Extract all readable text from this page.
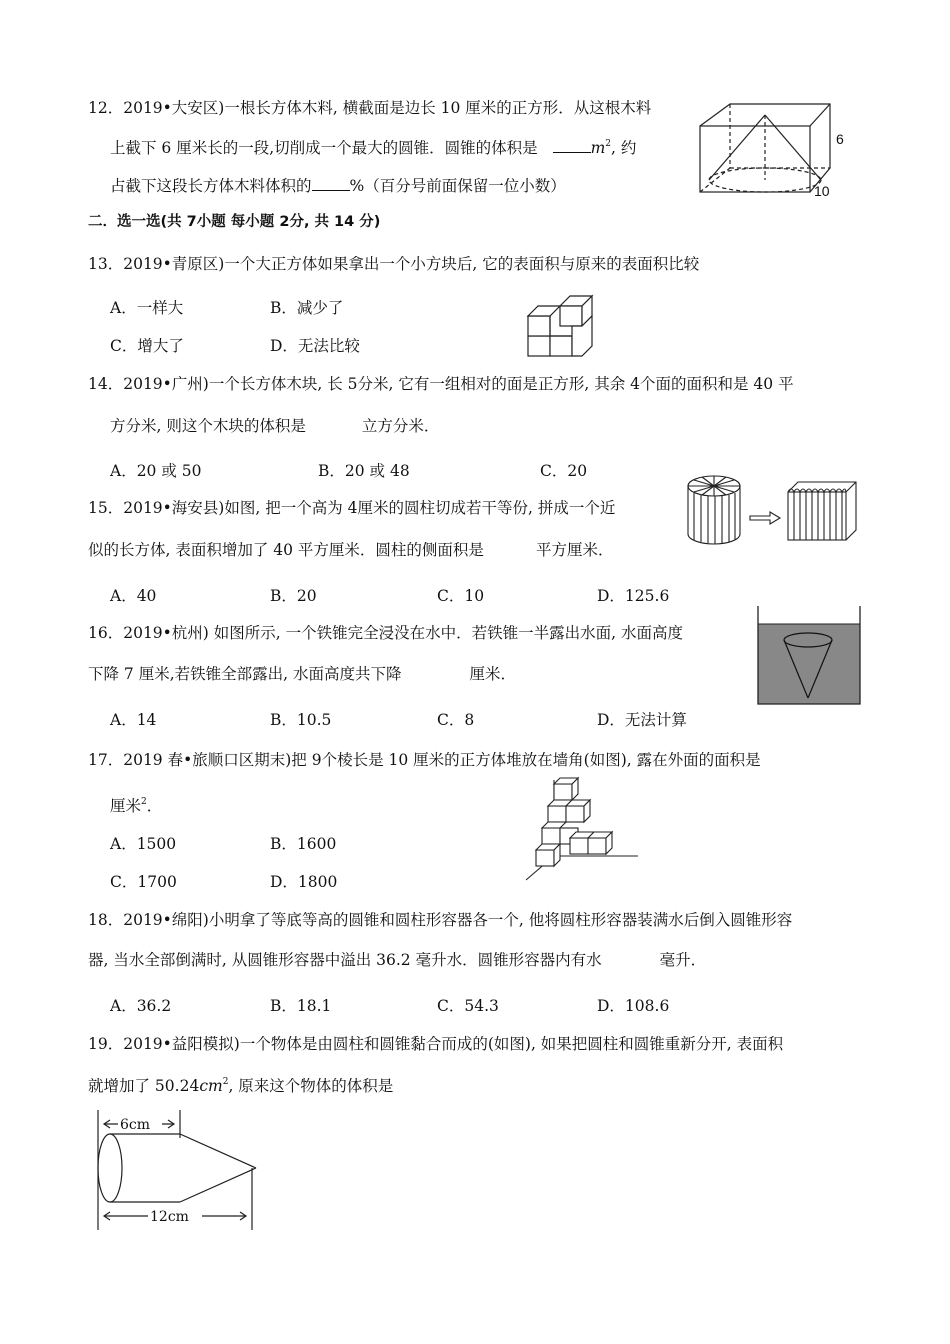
12．2019•大安区)一根长方体木料, 横截面是边长 10 厘米的正方形．从这根木料
上截下 6 厘米长的一段,切削成一个最大的圆锥．圆锥的体积是	$m^2$, 约
占截下这段长方体木料体积的 %（百分号前面保留一位小数）
6
10
二．选一选(共 7小题 每小题 2分, 共 14 分)
13．2019•青原区)一个大正方体如果拿出一个小方块后, 它的表面积与原来的表面积比较
A．一样大	B．减少了
C．增大了	D．无法比较
14．2019•广州)一个长方体木块, 长 5分米, 它有一组相对的面是正方形, 其余 4个面的面积和是 40 平
方分米, 则这个木块的体积是	立方分米．
A．20 或 50	B．20 或 48	C．20
15．2019•海安县)如图, 把一个高为 4厘米的圆柱切成若干等份, 拼成一个近
似的长方体, 表面积增加了 40 平方厘米．圆柱的侧面积是	平方厘米．
A．40	B．20	C．10	D．125.6
16．2019•杭州) 如图所示, 一个铁锥完全浸没在水中．若铁锥一半露出水面, 水面高度
下降 7 厘米,若铁锥全部露出, 水面高度共下降	厘米．
A．14	B．10.5	C．8	D．无法计算
17．2019 春•旅顺口区期末)把 9个棱长是 10 厘米的正方体堆放在墙角(如图), 露在外面的面积是
厘米$^2$．
A．1500	B．1600
C．1700	D．1800
18．2019•绵阳)小明拿了等底等高的圆锥和圆柱形容器各一个, 他将圆柱形容器装满水后倒入圆锥形容
器, 当水全部倒满时, 从圆锥形容器中溢出 36.2 毫升水．圆锥形容器内有水	毫升．
A．36.2	B．18.1	C．54.3	D．108.6
19．2019•益阳模拟)一个物体是由圆柱和圆锥黏合而成的(如图), 如果把圆柱和圆锥重新分开, 表面积
就增加了 $50.24cm^2$, 原来这个物体的体积是
6cm
12cm
